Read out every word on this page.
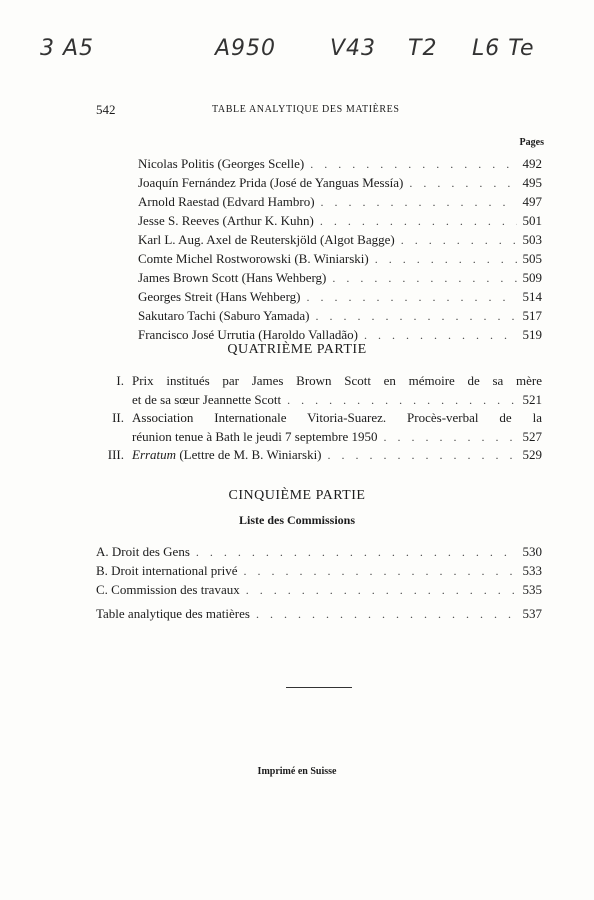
3 A5	A950 V43 T2 L6 Te
542	TABLE ANALYTIQUE DES MATIÈRES
Pages
Nicolas Politis (Georges Scelle) . . .	492
Joaquín Fernández Prida (José de Yanguas Messía) . . .	495
Arnold Raestad (Edvard Hambro) . . .	497
Jesse S. Reeves (Arthur K. Kuhn) . . .	501
Karl L. Aug. Axel de Reuterskjöld (Algot Bagge) . . .	503
Comte Michel Rostworowski (B. Winiarski) . . .	505
James Brown Scott (Hans Wehberg) . . .	509
Georges Streit (Hans Wehberg) . . .	514
Sakutaro Tachi (Saburo Yamada) . . .	517
Francisco José Urrutia (Haroldo Valladão) . . .	519
QUATRIÈME PARTIE
I. Prix institués par James Brown Scott en mémoire de sa mère
et de sa sœur Jeannette Scott . . .	521
II. Association Internationale Vitoria-Suarez. Procès-verbal de la
réunion tenue à Bath le jeudi 7 septembre 1950 . . .	527
III. Erratum (Lettre de M. B. Winiarski) . . .	529
CINQUIÈME PARTIE
Liste des Commissions
A. Droit des Gens . . .	530
B. Droit international privé . . .	533
C. Commission des travaux . . .	535
Table analytique des matières . . .	537
Imprimé en Suisse
